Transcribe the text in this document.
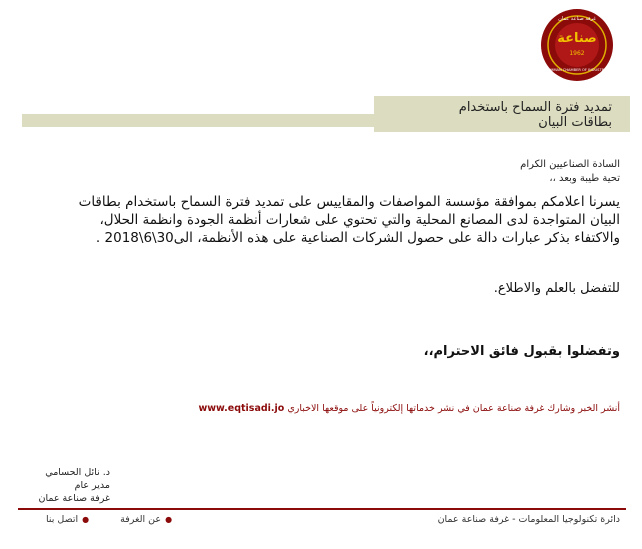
صناعة
1962
AMMAN CHAMBER OF INDUSTRY
غرفة صناعة عمان
تمديد فترة السماح باستخدام
بطاقات البيان
السادة الصناعيين الكرام
تحية طيبة وبعد ،،
يسرنا اعلامكم بموافقة مؤسسة المواصفات والمقاييس على تمديد فترة السماح باستخدام بطاقات البيان المتواجدة لدى المصانع المحلية والتي تحتوي على شعارات أنظمة الجودة وانظمة الحلال، والاكتفاء بذكر عبارات دالة على حصول الشركات الصناعية على هذه الأنظمة، الى30\6\2018 .
للتفضل بالعلم والاطلاع.
وتفضلوا بقبول فائق الاحترام،،
أنشر الخبر وشارك غرفة صناعة عمان في نشر خدماتها إلكترونياً على موقعها الاخباري www.eqtisadi.jo
د. نائل الحسامي
مدير عام
غرفة صناعة عمان
دائرة تكنولوجيا المعلومات - غرفة صناعة عمان
●عن الغرفة ●اتصل بنا
